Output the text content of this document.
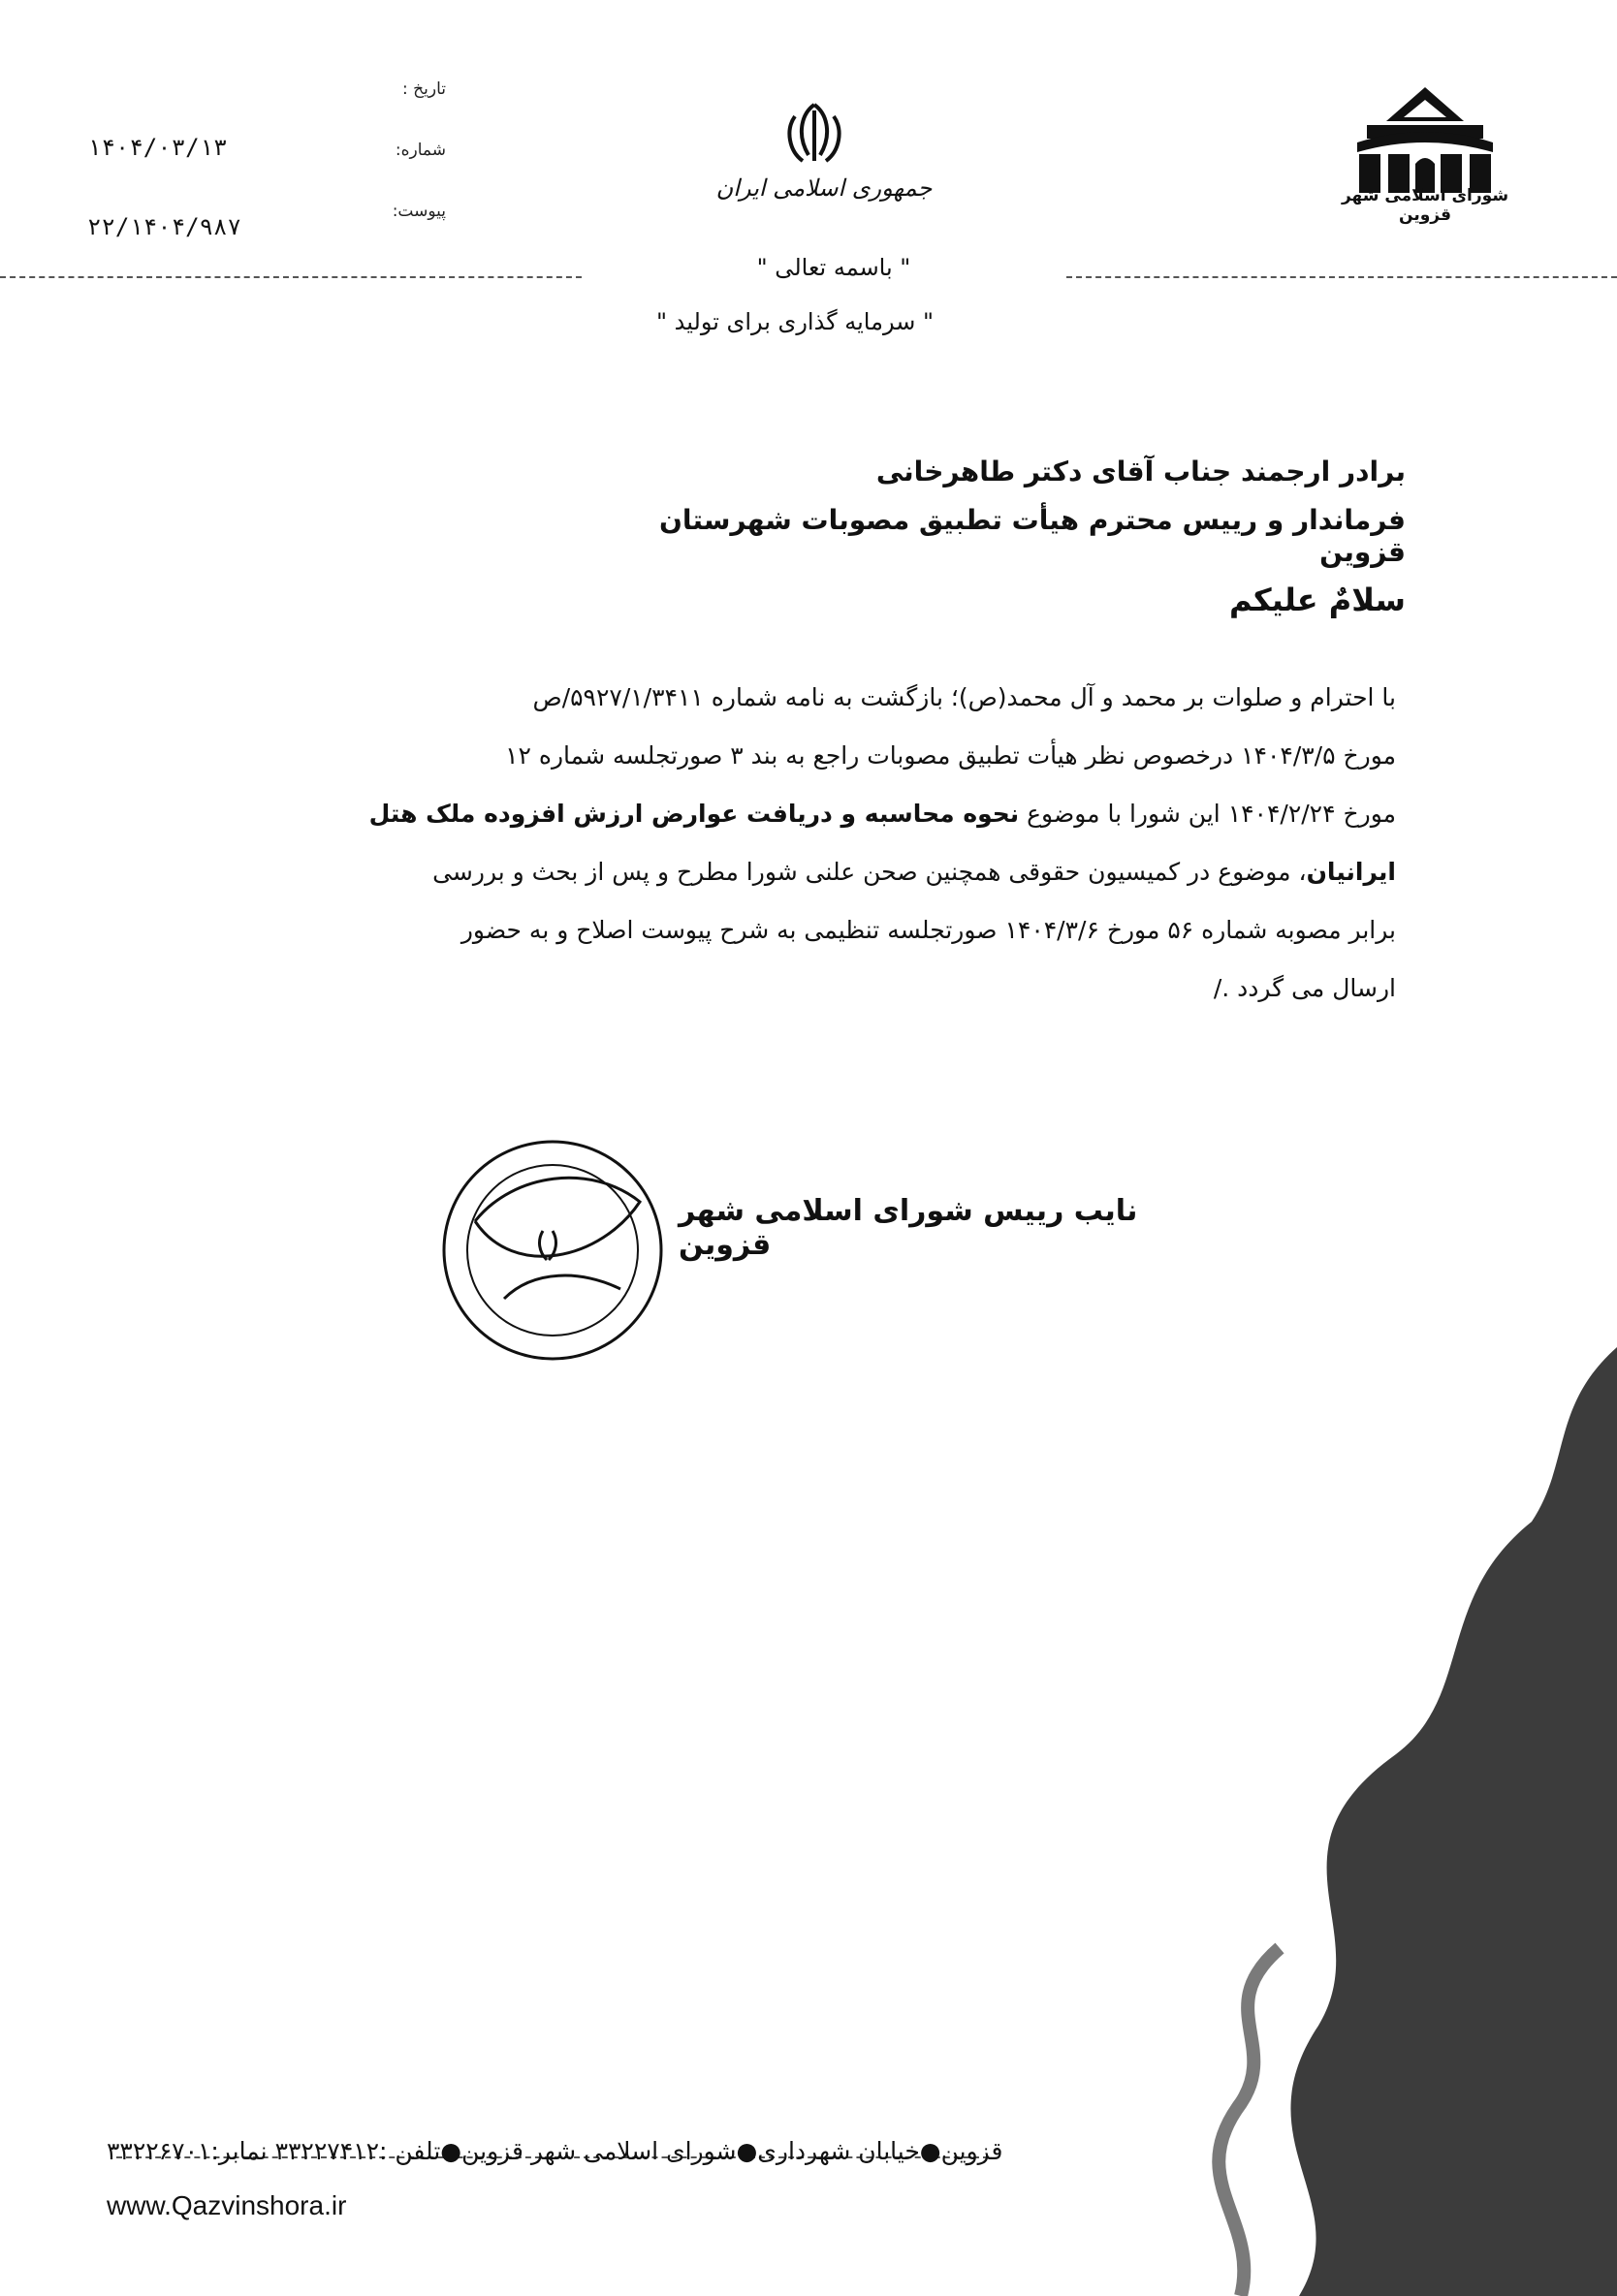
شورای اسلامی شهر قزوین
جمهوری اسلامی ایران
تاریخ :
شماره:
پیوست:
۱۴۰۴/۰۳/۱۳
۲۲/۱۴۰۴/۹۸۷
" باسمه تعالی "
" سرمایه گذاری برای تولید "
برادر ارجمند جناب آقای دکتر طاهرخانی
فرماندار و رییس محترم هیأت تطبیق مصوبات شهرستان قزوین
سلامٌ علیکم
با احترام و صلوات بر محمد و آل محمد(ص)؛ بازگشت به نامه شماره ۵۹۲۷/۱/۳۴۱۱/ص
مورخ ۱۴۰۴/۳/۵ درخصوص نظر هیأت تطبیق مصوبات راجع به بند ۳ صورتجلسه شماره ۱۲
مورخ ۱۴۰۴/۲/۲۴ این شورا با موضوع نحوه محاسبه و دریافت عوارض ارزش افزوده ملک هتل
ایرانیان، موضوع در کمیسیون حقوقی همچنین صحن علنی شورا مطرح و پس از بحث و بررسی
برابر مصوبه شماره ۵۶ مورخ ۱۴۰۴/۳/۶ صورتجلسه تنظیمی به شرح پیوست اصلاح و به حضور
ارسال می گردد ./
نایب رییس شورای اسلامی شهر قزوین
قزوین●خیابان شهرداری●شورای اسلامی شهر قزوین●تلفن :۳۳۲۲۷۴۱۲ نمابر:۳۳۲۲۶۷۰۱
www.Qazvinshora.ir
